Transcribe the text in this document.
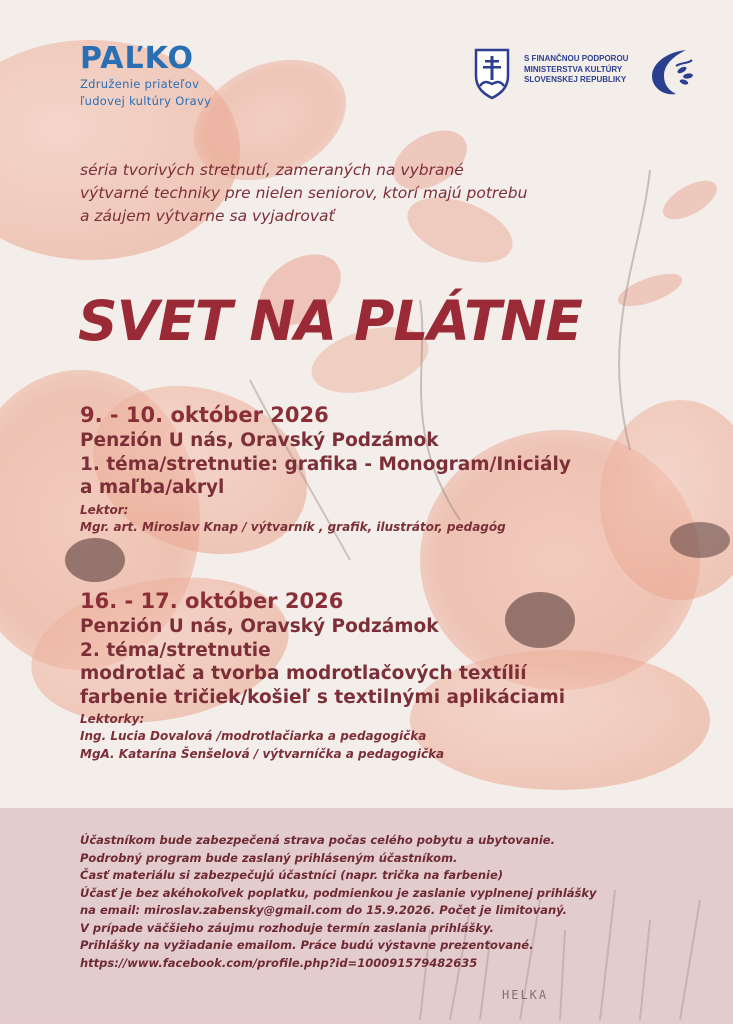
PAĽKO
Združenie priateľov
ľudovej kultúry Oravy
S FINANČNOU PODPOROU
MINISTERSTVA KULTÚRY
SLOVENSKEJ REPUBLIKY
séria tvorivých stretnutí, zameraných na vybrané
výtvarné techniky pre nielen seniorov, ktorí majú potrebu
a záujem výtvarne sa vyjadrovať
SVET NA PLÁTNE
9. - 10. október 2026
Penzión U nás, Oravský Podzámok
1. téma/stretnutie: grafika - Monogram/Iniciály
a maľba/akryl
Lektor:
Mgr. art. Miroslav Knap / výtvarník , grafik, ilustrátor, pedagóg
16. - 17. október 2026
Penzión U nás, Oravský Podzámok
2. téma/stretnutie
modrotlač a tvorba modrotlačových textílií
farbenie tričiek/košieľ s textilnými aplikáciami
Lektorky:
Ing. Lucia Dovalová /modrotlačiarka a pedagogička
MgA. Katarína Šenšelová / výtvarníčka a pedagogička
Účastníkom bude zabezpečená strava počas celého pobytu a ubytovanie.
Podrobný program bude zaslaný prihláseným účastníkom.
Časť materiálu si zabezpečujú účastníci (napr. trička na farbenie)
Účasť je bez akéhokoľvek poplatku, podmienkou je zaslanie vyplnenej prihlášky
na email: miroslav.zabensky@gmail.com do 15.9.2026. Počet je limitovaný.
V prípade väčšieho záujmu rozhoduje termín zaslania prihlášky.
Prihlášky na vyžiadanie emailom. Práce budú výstavne prezentované.
https://www.facebook.com/profile.php?id=100091579482635
HELKA
